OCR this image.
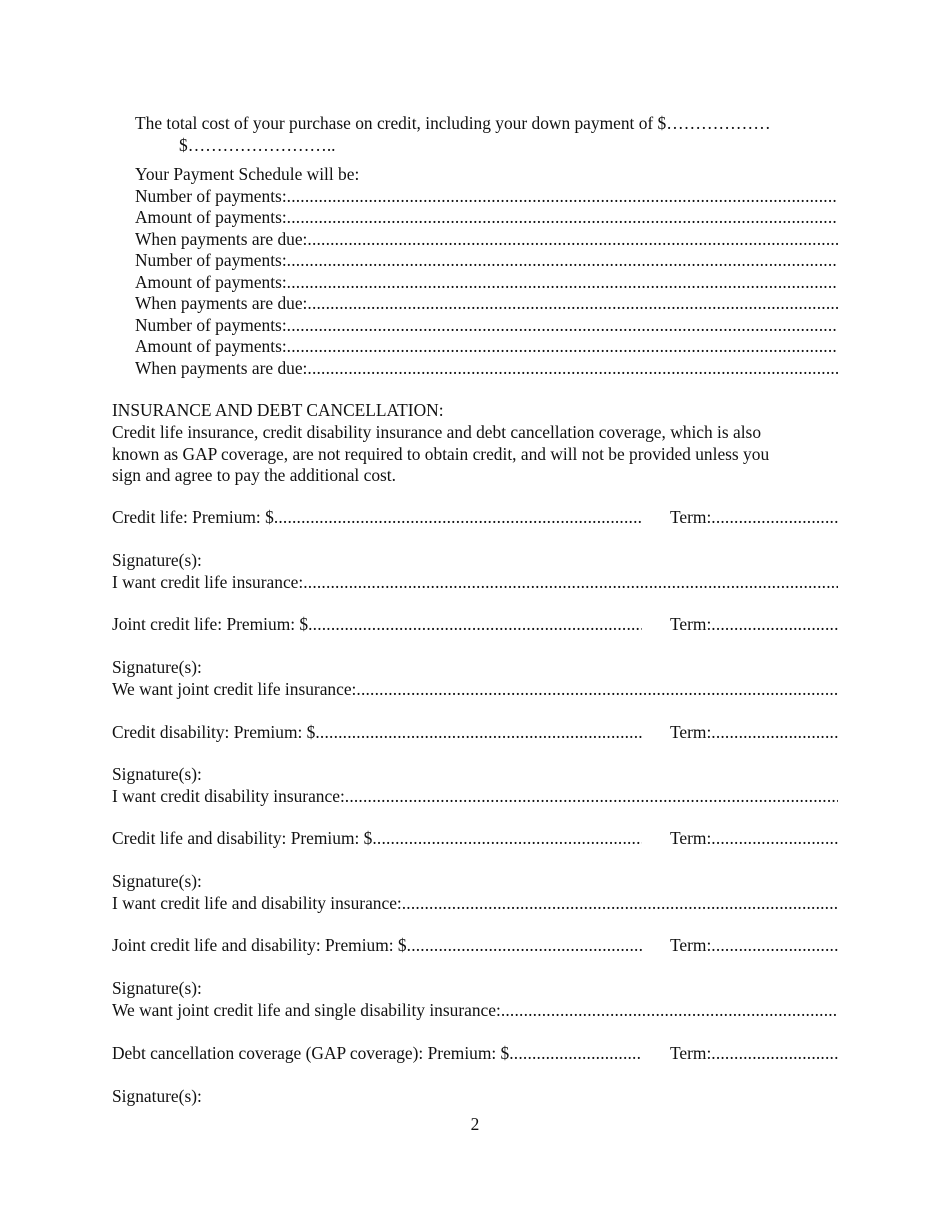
The total cost of your purchase on credit, including your down payment of $………………
$……………………..
Your Payment Schedule will be:
Number of payments:
.....
Amount of payments:
.....
When payments are due:
.....
Number of payments:
.....
Amount of payments:
.....
When payments are due:
.....
Number of payments:
.....
Amount of payments:
.....
When payments are due:
.....
INSURANCE AND DEBT CANCELLATION:
Credit life insurance, credit disability insurance and debt cancellation coverage, which is also
known as GAP coverage, are not required to obtain credit, and will not be provided unless you
sign and agree to pay the additional cost.
Credit life: Premium: $ .....	Term:
.....
Signature(s):
I want credit life insurance:
.....
Joint credit life: Premium: $ .....	Term:
.....
Signature(s):
We want joint credit life insurance:
.....
Credit disability: Premium: $ .....	Term:
.....
Signature(s):
I want credit disability insurance:
.....
Credit life and disability: Premium: $ .....	Term:
.....
Signature(s):
I want credit life and disability insurance:
.....
Joint credit life and disability: Premium: $ .....	Term:
.....
Signature(s):
We want joint credit life and single disability insurance:
.....
Debt cancellation coverage (GAP coverage): Premium: $ .....	Term:
.....
Signature(s):
2
